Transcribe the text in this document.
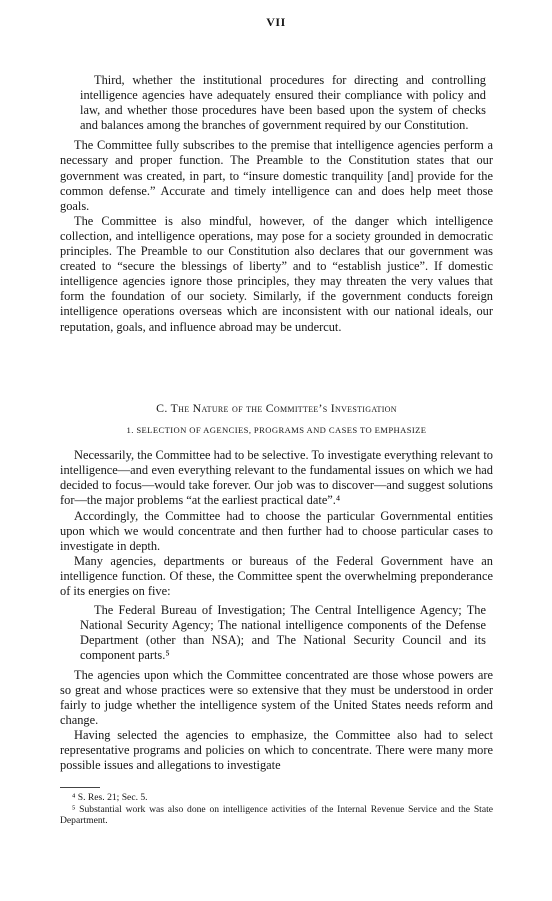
VII

Third, whether the institutional procedures for directing and controlling intelligence agencies have adequately ensured their compliance with policy and law, and whether those procedures have been based upon the system of checks and balances among the branches of government required by our Constitution.

The Committee fully subscribes to the premise that intelligence agencies perform a necessary and proper function. The Preamble to the Constitution states that our government was created, in part, to “insure domestic tranquility [and] provide for the common defense.” Accurate and timely intelligence can and does help meet those goals.

The Committee is also mindful, however, of the danger which intelligence collection, and intelligence operations, may pose for a society grounded in democratic principles. The Preamble to our Constitution also declares that our government was created to “secure the blessings of liberty” and to “establish justice”. If domestic intelligence agencies ignore those principles, they may threaten the very values that form the foundation of our society. Similarly, if the government conducts foreign intelligence operations overseas which are inconsistent with our national ideals, our reputation, goals, and influence abroad may be undercut.

C. The Nature of the Committee’s Investigation
1. SELECTION OF AGENCIES, PROGRAMS AND CASES TO EMPHASIZE

Necessarily, the Committee had to be selective. To investigate everything relevant to intelligence—and even everything relevant to the fundamental issues on which we had decided to focus—would take forever. Our job was to discover—and suggest solutions for—the major problems “at the earliest practical date”.⁴

Accordingly, the Committee had to choose the particular Governmental entities upon which we would concentrate and then further had to choose particular cases to investigate in depth.

Many agencies, departments or bureaus of the Federal Government have an intelligence function. Of these, the Committee spent the overwhelming preponderance of its energies on five:

The Federal Bureau of Investigation; The Central Intelligence Agency; The National Security Agency; The national intelligence components of the Defense Department (other than NSA); and The National Security Council and its component parts.⁵

The agencies upon which the Committee concentrated are those whose powers are so great and whose practices were so extensive that they must be understood in order fairly to judge whether the intelligence system of the United States needs reform and change.

Having selected the agencies to emphasize, the Committee also had to select representative programs and policies on which to concentrate. There were many more possible issues and allegations to investigate

⁴ S. Res. 21; Sec. 5.

⁵ Substantial work was also done on intelligence activities of the Internal Revenue Service and the State Department.
